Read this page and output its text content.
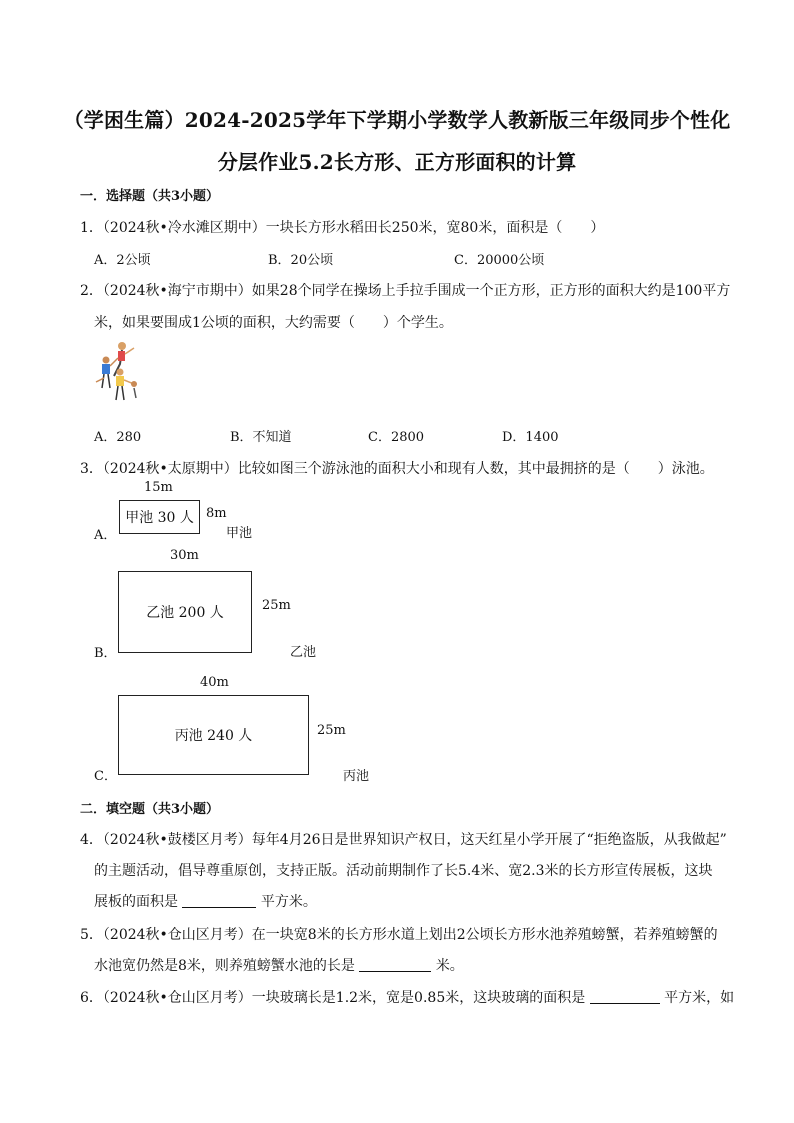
（学困生篇）2024-2025学年下学期小学数学人教新版三年级同步个性化
分层作业5.2长方形、正方形面积的计算
一．选择题（共3小题）
1．（2024秋•冷水滩区期中）一块长方形水稻田长250米，宽80米，面积是（　　）
A．2公顷	B．20公顷	C．20000公顷
2．（2024秋•海宁市期中）如果28个同学在操场上手拉手围成一个正方形，正方形的面积大约是100平方
米，如果要围成1公顷的面积，大约需要（　　）个学生。
A．280	B．不知道	C．2800	D．1400
3．（2024秋•太原期中）比较如图三个游泳池的面积大小和现有人数，其中最拥挤的是（　　）泳池。
15m
甲池 30 人 8m
A．	甲池
30m
乙池 200 人	25m
B．	乙池
40m
丙池 240 人	25m
C．	丙池
二．填空题（共3小题）
4．（2024秋•鼓楼区月考）每年4月26日是世界知识产权日，这天红星小学开展了“拒绝盗版，从我做起”
的主题活动，倡导尊重原创，支持正版。活动前期制作了长5.4米、宽2.3米的长方形宣传展板，这块
展板的面积是	平方米。
5．（2024秋•仓山区月考）在一块宽8米的长方形水道上划出2公顷长方形水池养殖螃蟹，若养殖螃蟹的
水池宽仍然是8米，则养殖螃蟹水池的长是	米。
6．（2024秋•仓山区月考）一块玻璃长是1.2米，宽是0.85米，这块玻璃的面积是	平方米，如
